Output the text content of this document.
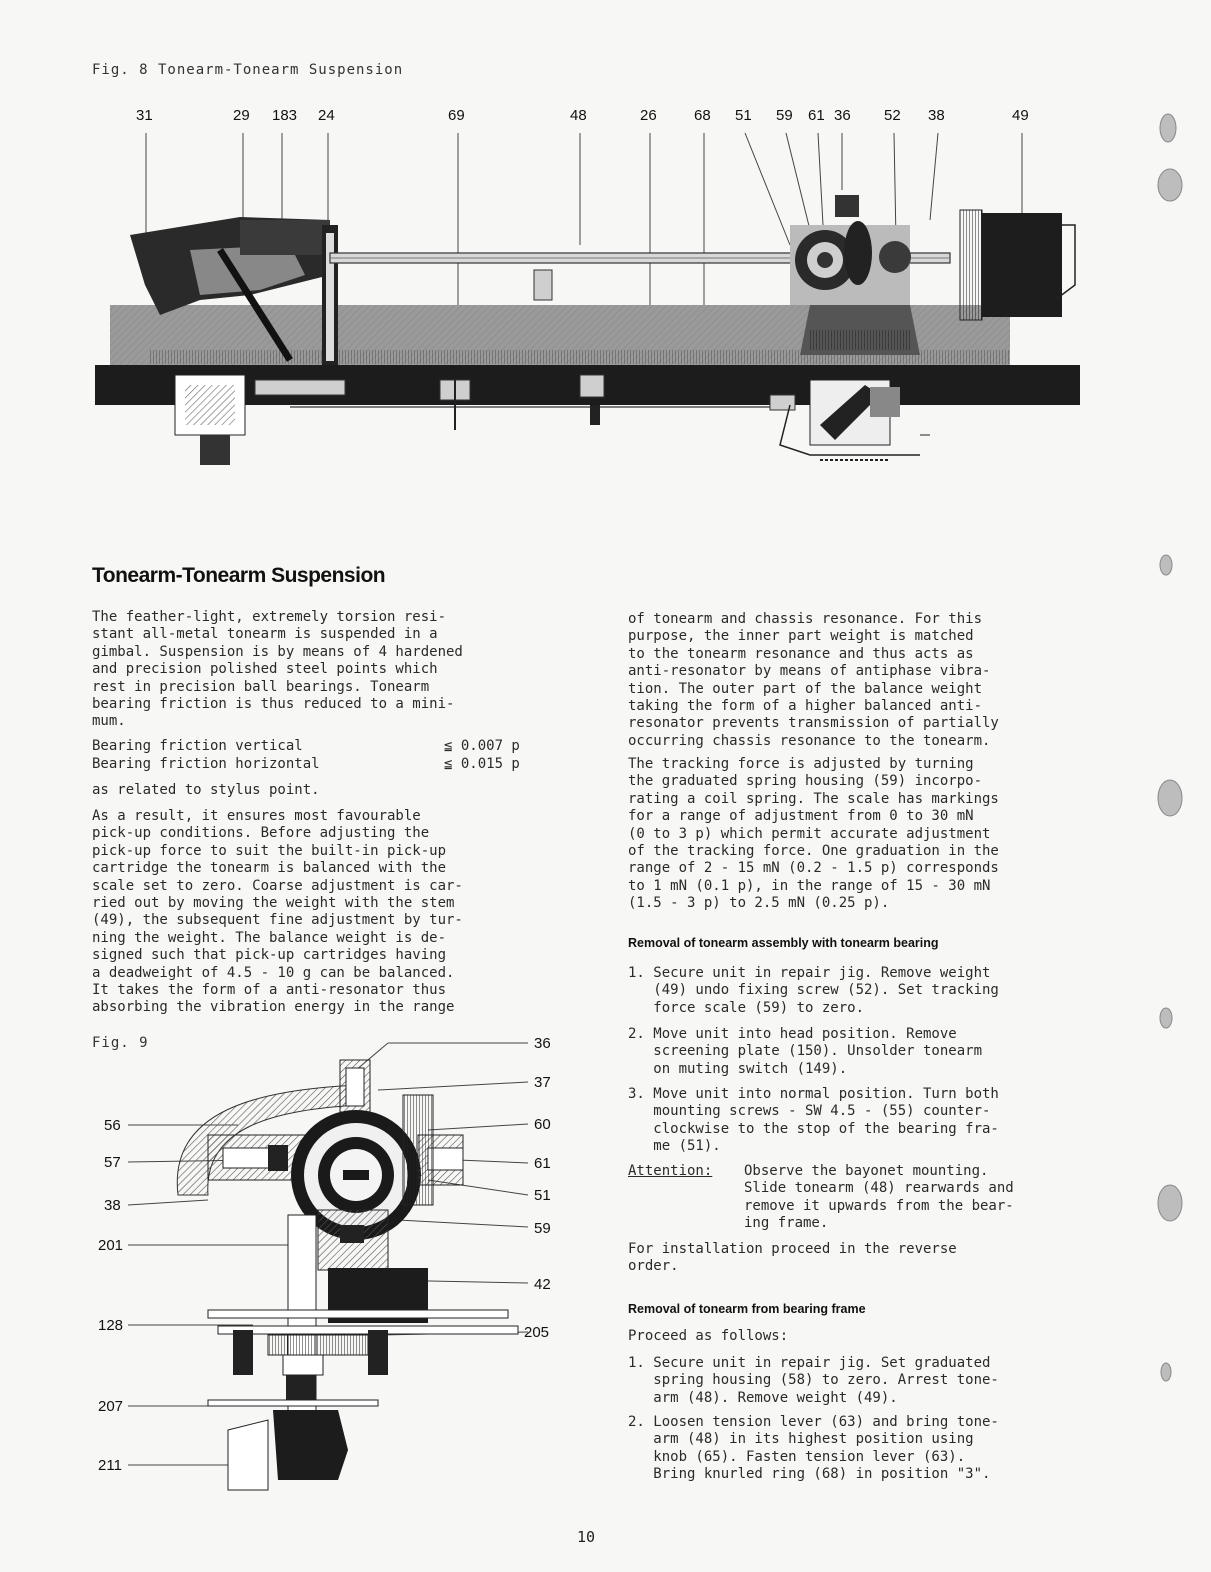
Fig. 8 Tonearm-Tonearm Suspension
31	29 183 24	69	48	26 68 51 59 61 36 52 38	49
Tonearm-Tonearm Suspension
The feather-light, extremely torsion resi-
stant all-metal tonearm is suspended in a
gimbal. Suspension is by means of 4 hardened
and precision polished steel points which
rest in precision ball bearings. Tonearm
bearing friction is thus reduced to a mini-
mum.
Bearing friction vertical	≦ 0.007 p
Bearing friction horizontal	≦ 0.015 p
as related to stylus point.
As a result, it ensures most favourable
pick-up conditions. Before adjusting the
pick-up force to suit the built-in pick-up
cartridge the tonearm is balanced with the
scale set to zero. Coarse adjustment is car-
ried out by moving the weight with the stem
(49), the subsequent fine adjustment by tur-
ning the weight. The balance weight is de-
signed such that pick-up cartridges having
a deadweight of 4.5 - 10 g can be balanced.
It takes the form of a anti-resonator thus
absorbing the vibration energy in the range
Fig. 9
56
57
38
201
128
207
211
36
37
60
61
51
59
42
205
of tonearm and chassis resonance. For this
purpose, the inner part weight is matched
to the tonearm resonance and thus acts as
anti-resonator by means of antiphase vibra-
tion. The outer part of the balance weight
taking the form of a higher balanced anti-
resonator prevents transmission of partially
occurring chassis resonance to the tonearm.
The tracking force is adjusted by turning
the graduated spring housing (59) incorpo-
rating a coil spring. The scale has markings
for a range of adjustment from 0 to 30 mN
(0 to 3 p) which permit accurate adjustment
of the tracking force. One graduation in the
range of 2 - 15 mN (0.2 - 1.5 p) corresponds
to 1 mN (0.1 p), in the range of 15 - 30 mN
(1.5 - 3 p) to 2.5 mN (0.25 p).
Removal of tonearm assembly with tonearm bearing
1. Secure unit in repair jig. Remove weight
(49) undo fixing screw (52). Set tracking
force scale (59) to zero.
2. Move unit into head position. Remove
screening plate (150). Unsolder tonearm
on muting switch (149).
3. Move unit into normal position. Turn both
mounting screws - SW 4.5 - (55) counter-
clockwise to the stop of the bearing fra-
me (51).
Attention: Observe the bayonet mounting.
Slide tonearm (48) rearwards and
remove it upwards from the bear-
ing frame.
For installation proceed in the reverse
order.
Removal of tonearm from bearing frame
Proceed as follows:
1. Secure unit in repair jig. Set graduated
spring housing (58) to zero. Arrest tone-
arm (48). Remove weight (49).
2. Loosen tension lever (63) and bring tone-
arm (48) in its highest position using
knob (65). Fasten tension lever (63).
Bring knurled ring (68) in position "3".
10
